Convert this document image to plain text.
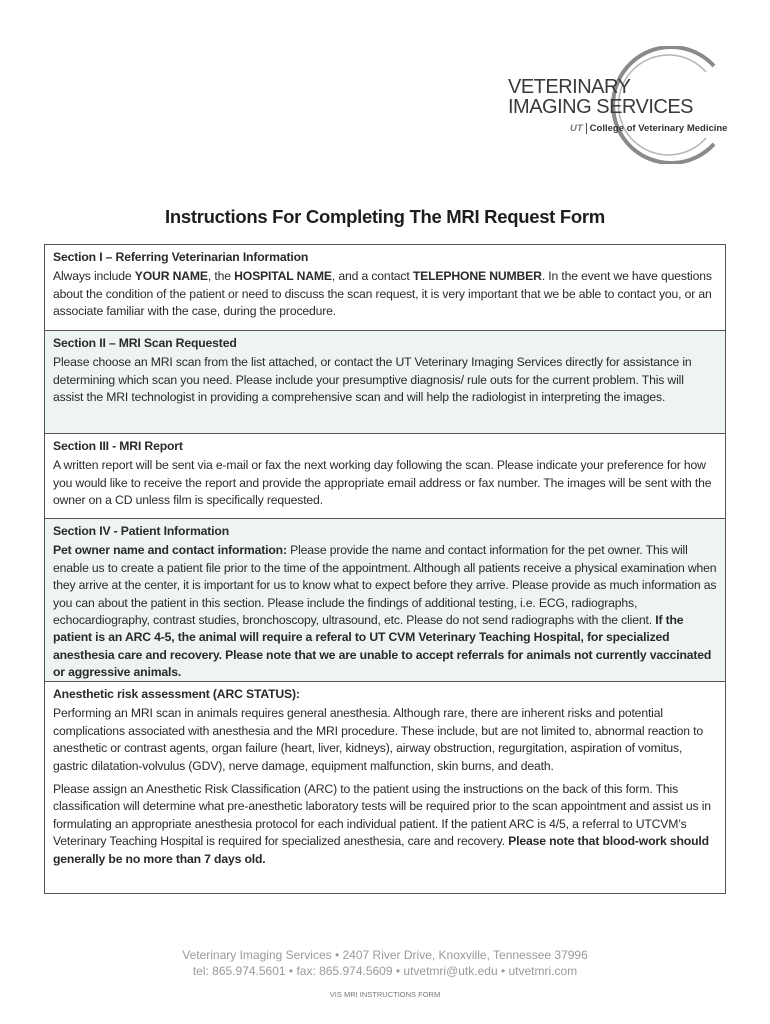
VETERINARY
IMAGING SERVICES
UT College of Veterinary Medicine
Instructions For Completing The MRI Request Form
Section I – Referring Veterinarian Information

Always include YOUR NAME, the HOSPITAL NAME, and a contact TELEPHONE NUMBER. In the event we have questions about the condition of the patient or need to discuss the scan request, it is very important that we be able to contact you, or an associate familiar with the case, during the procedure.

Section II – MRI Scan Requested

Please choose an MRI scan from the list attached, or contact the UT Veterinary Imaging Services directly for assistance in determining which scan you need. Please include your presumptive diagnosis/ rule outs for the current problem. This will assist the MRI technologist in providing a comprehensive scan and will help the radiologist in interpreting the images.

Section III - MRI Report

A written report will be sent via e-mail or fax the next working day following the scan. Please indicate your preference for how you would like to receive the report and provide the appropriate email address or fax number. The images will be sent with the owner on a CD unless film is specifically requested.

Section IV - Patient Information

Pet owner name and contact information: Please provide the name and contact information for the pet owner. This will enable us to create a patient file prior to the time of the appointment. Although all patients receive a physical examination when they arrive at the center, it is important for us to know what to expect before they arrive. Please provide as much information as you can about the patient in this section. Please include the findings of additional testing, i.e. ECG, radiographs, echocardiography, contrast studies, bronchoscopy, ultrasound, etc. Please do not send radiographs with the client. If the patient is an ARC 4-5, the animal will require a referal to UT CVM Veterinary Teaching Hospital, for specialized anesthesia care and recovery. Please note that we are unable to accept referrals for animals not currently vaccinated or aggressive animals.

Anesthetic risk assessment (ARC STATUS):

Performing an MRI scan in animals requires general anesthesia. Although rare, there are inherent risks and potential complications associated with anesthesia and the MRI procedure. These include, but are not limited to, abnormal reaction to anesthetic or contrast agents, organ failure (heart, liver, kidneys), airway obstruction, regurgitation, aspiration of vomitus, gastric dilatation-volvulus (GDV), nerve damage, equipment malfunction, skin burns, and death.

Please assign an Anesthetic Risk Classification (ARC) to the patient using the instructions on the back of this form. This classification will determine what pre-anesthetic laboratory tests will be required prior to the scan appointment and assist us in formulating an appropriate anesthesia protocol for each individual patient. If the patient ARC is 4/5, a referral to UTCVM’s Veterinary Teaching Hospital is required for specialized anesthesia, care and recovery. Please note that blood-work should generally be no more than 7 days old.

Veterinary Imaging Services • 2407 River Drive, Knoxville, Tennessee 37996
tel: 865.974.5601 • fax: 865.974.5609 • utvetmri@utk.edu • utvetmri.com
VIS MRI INSTRUCTIONS FORM
